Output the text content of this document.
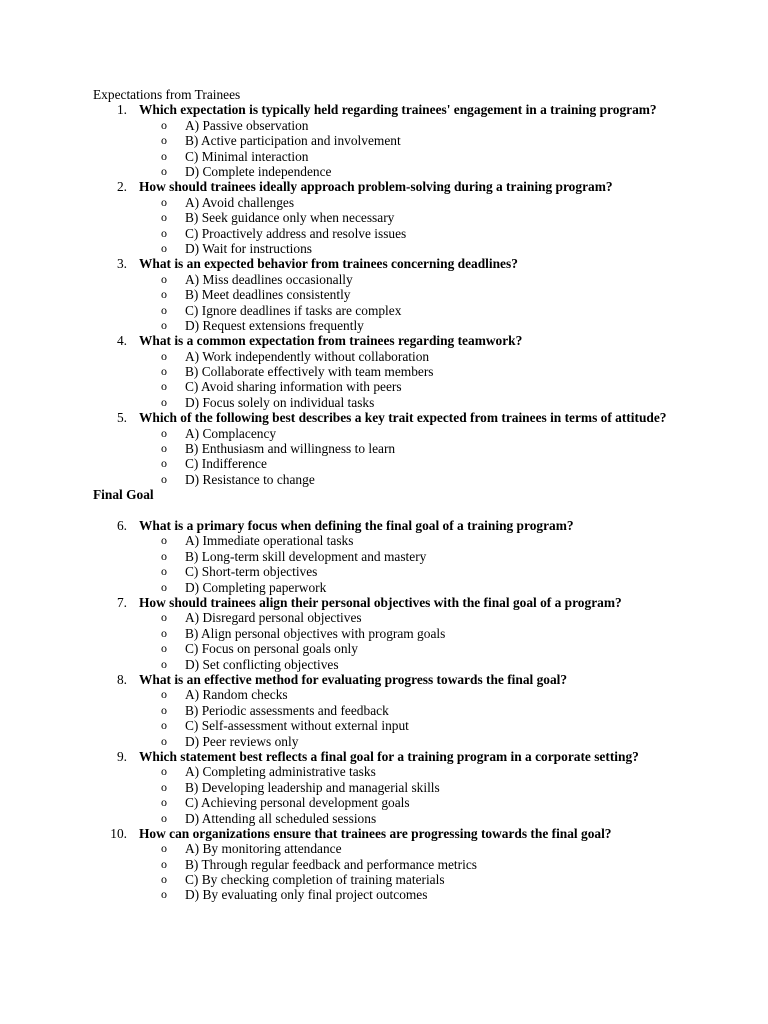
Expectations from Trainees
1. Which expectation is typically held regarding trainees' engagement in a training program?
o A) Passive observation
o B) Active participation and involvement
o C) Minimal interaction
o D) Complete independence
2. How should trainees ideally approach problem-solving during a training program?
o A) Avoid challenges
o B) Seek guidance only when necessary
o C) Proactively address and resolve issues
o D) Wait for instructions
3. What is an expected behavior from trainees concerning deadlines?
o A) Miss deadlines occasionally
o B) Meet deadlines consistently
o C) Ignore deadlines if tasks are complex
o D) Request extensions frequently
4. What is a common expectation from trainees regarding teamwork?
o A) Work independently without collaboration
o B) Collaborate effectively with team members
o C) Avoid sharing information with peers
o D) Focus solely on individual tasks
5. Which of the following best describes a key trait expected from trainees in terms of attitude?
o A) Complacency
o B) Enthusiasm and willingness to learn
o C) Indifference
o D) Resistance to change
Final Goal
6. What is a primary focus when defining the final goal of a training program?
o A) Immediate operational tasks
o B) Long-term skill development and mastery
o C) Short-term objectives
o D) Completing paperwork
7. How should trainees align their personal objectives with the final goal of a program?
o A) Disregard personal objectives
o B) Align personal objectives with program goals
o C) Focus on personal goals only
o D) Set conflicting objectives
8. What is an effective method for evaluating progress towards the final goal?
o A) Random checks
o B) Periodic assessments and feedback
o C) Self-assessment without external input
o D) Peer reviews only
9. Which statement best reflects a final goal for a training program in a corporate setting?
o A) Completing administrative tasks
o B) Developing leadership and managerial skills
o C) Achieving personal development goals
o D) Attending all scheduled sessions
10. How can organizations ensure that trainees are progressing towards the final goal?
o A) By monitoring attendance
o B) Through regular feedback and performance metrics
o C) By checking completion of training materials
o D) By evaluating only final project outcomes
